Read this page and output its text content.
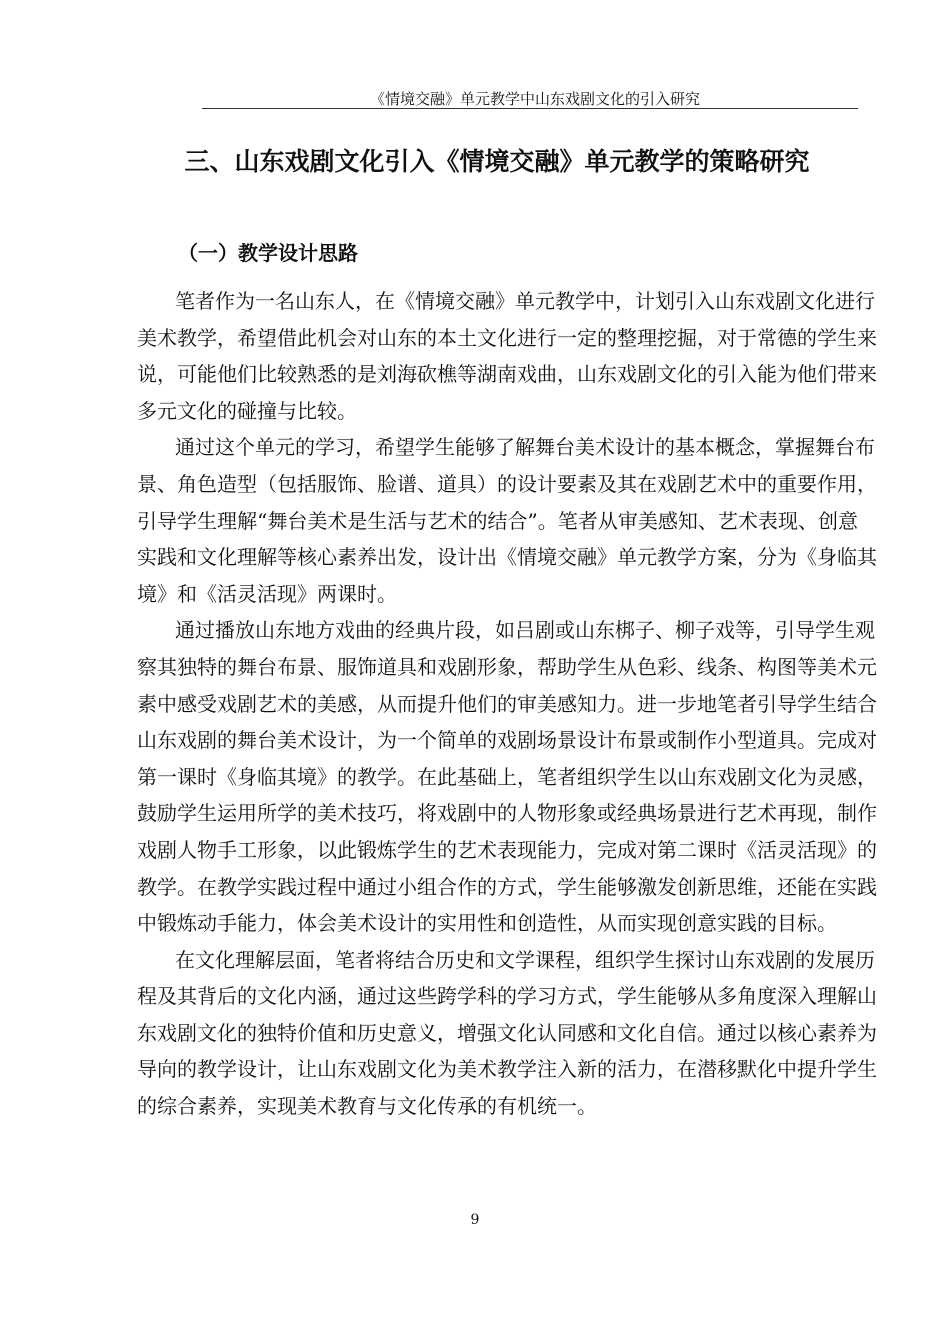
《情境交融》单元教学中山东戏剧文化的引入研究
三、山东戏剧文化引入《情境交融》单元教学的策略研究
（一）教学设计思路
笔者作为一名山东人，在《情境交融》单元教学中，计划引入山东戏剧文化进行
美术教学，希望借此机会对山东的本土文化进行一定的整理挖掘，对于常德的学生来
说，可能他们比较熟悉的是刘海砍樵等湖南戏曲，山东戏剧文化的引入能为他们带来
多元文化的碰撞与比较。
通过这个单元的学习，希望学生能够了解舞台美术设计的基本概念，掌握舞台布
景、角色造型（包括服饰、脸谱、道具）的设计要素及其在戏剧艺术中的重要作用，
引导学生理解“舞台美术是生活与艺术的结合”。笔者从审美感知、艺术表现、创意
实践和文化理解等核心素养出发，设计出《情境交融》单元教学方案，分为《身临其
境》和《活灵活现》两课时。
通过播放山东地方戏曲的经典片段，如吕剧或山东梆子、柳子戏等，引导学生观
察其独特的舞台布景、服饰道具和戏剧形象，帮助学生从色彩、线条、构图等美术元
素中感受戏剧艺术的美感，从而提升他们的审美感知力。进一步地笔者引导学生结合
山东戏剧的舞台美术设计，为一个简单的戏剧场景设计布景或制作小型道具。完成对
第一课时《身临其境》的教学。在此基础上，笔者组织学生以山东戏剧文化为灵感，
鼓励学生运用所学的美术技巧，将戏剧中的人物形象或经典场景进行艺术再现，制作
戏剧人物手工形象，以此锻炼学生的艺术表现能力，完成对第二课时《活灵活现》的
教学。在教学实践过程中通过小组合作的方式，学生能够激发创新思维，还能在实践
中锻炼动手能力，体会美术设计的实用性和创造性，从而实现创意实践的目标。
在文化理解层面，笔者将结合历史和文学课程，组织学生探讨山东戏剧的发展历
程及其背后的文化内涵，通过这些跨学科的学习方式，学生能够从多角度深入理解山
东戏剧文化的独特价值和历史意义，增强文化认同感和文化自信。通过以核心素养为
导向的教学设计，让山东戏剧文化为美术教学注入新的活力，在潜移默化中提升学生
的综合素养，实现美术教育与文化传承的有机统一。
9
